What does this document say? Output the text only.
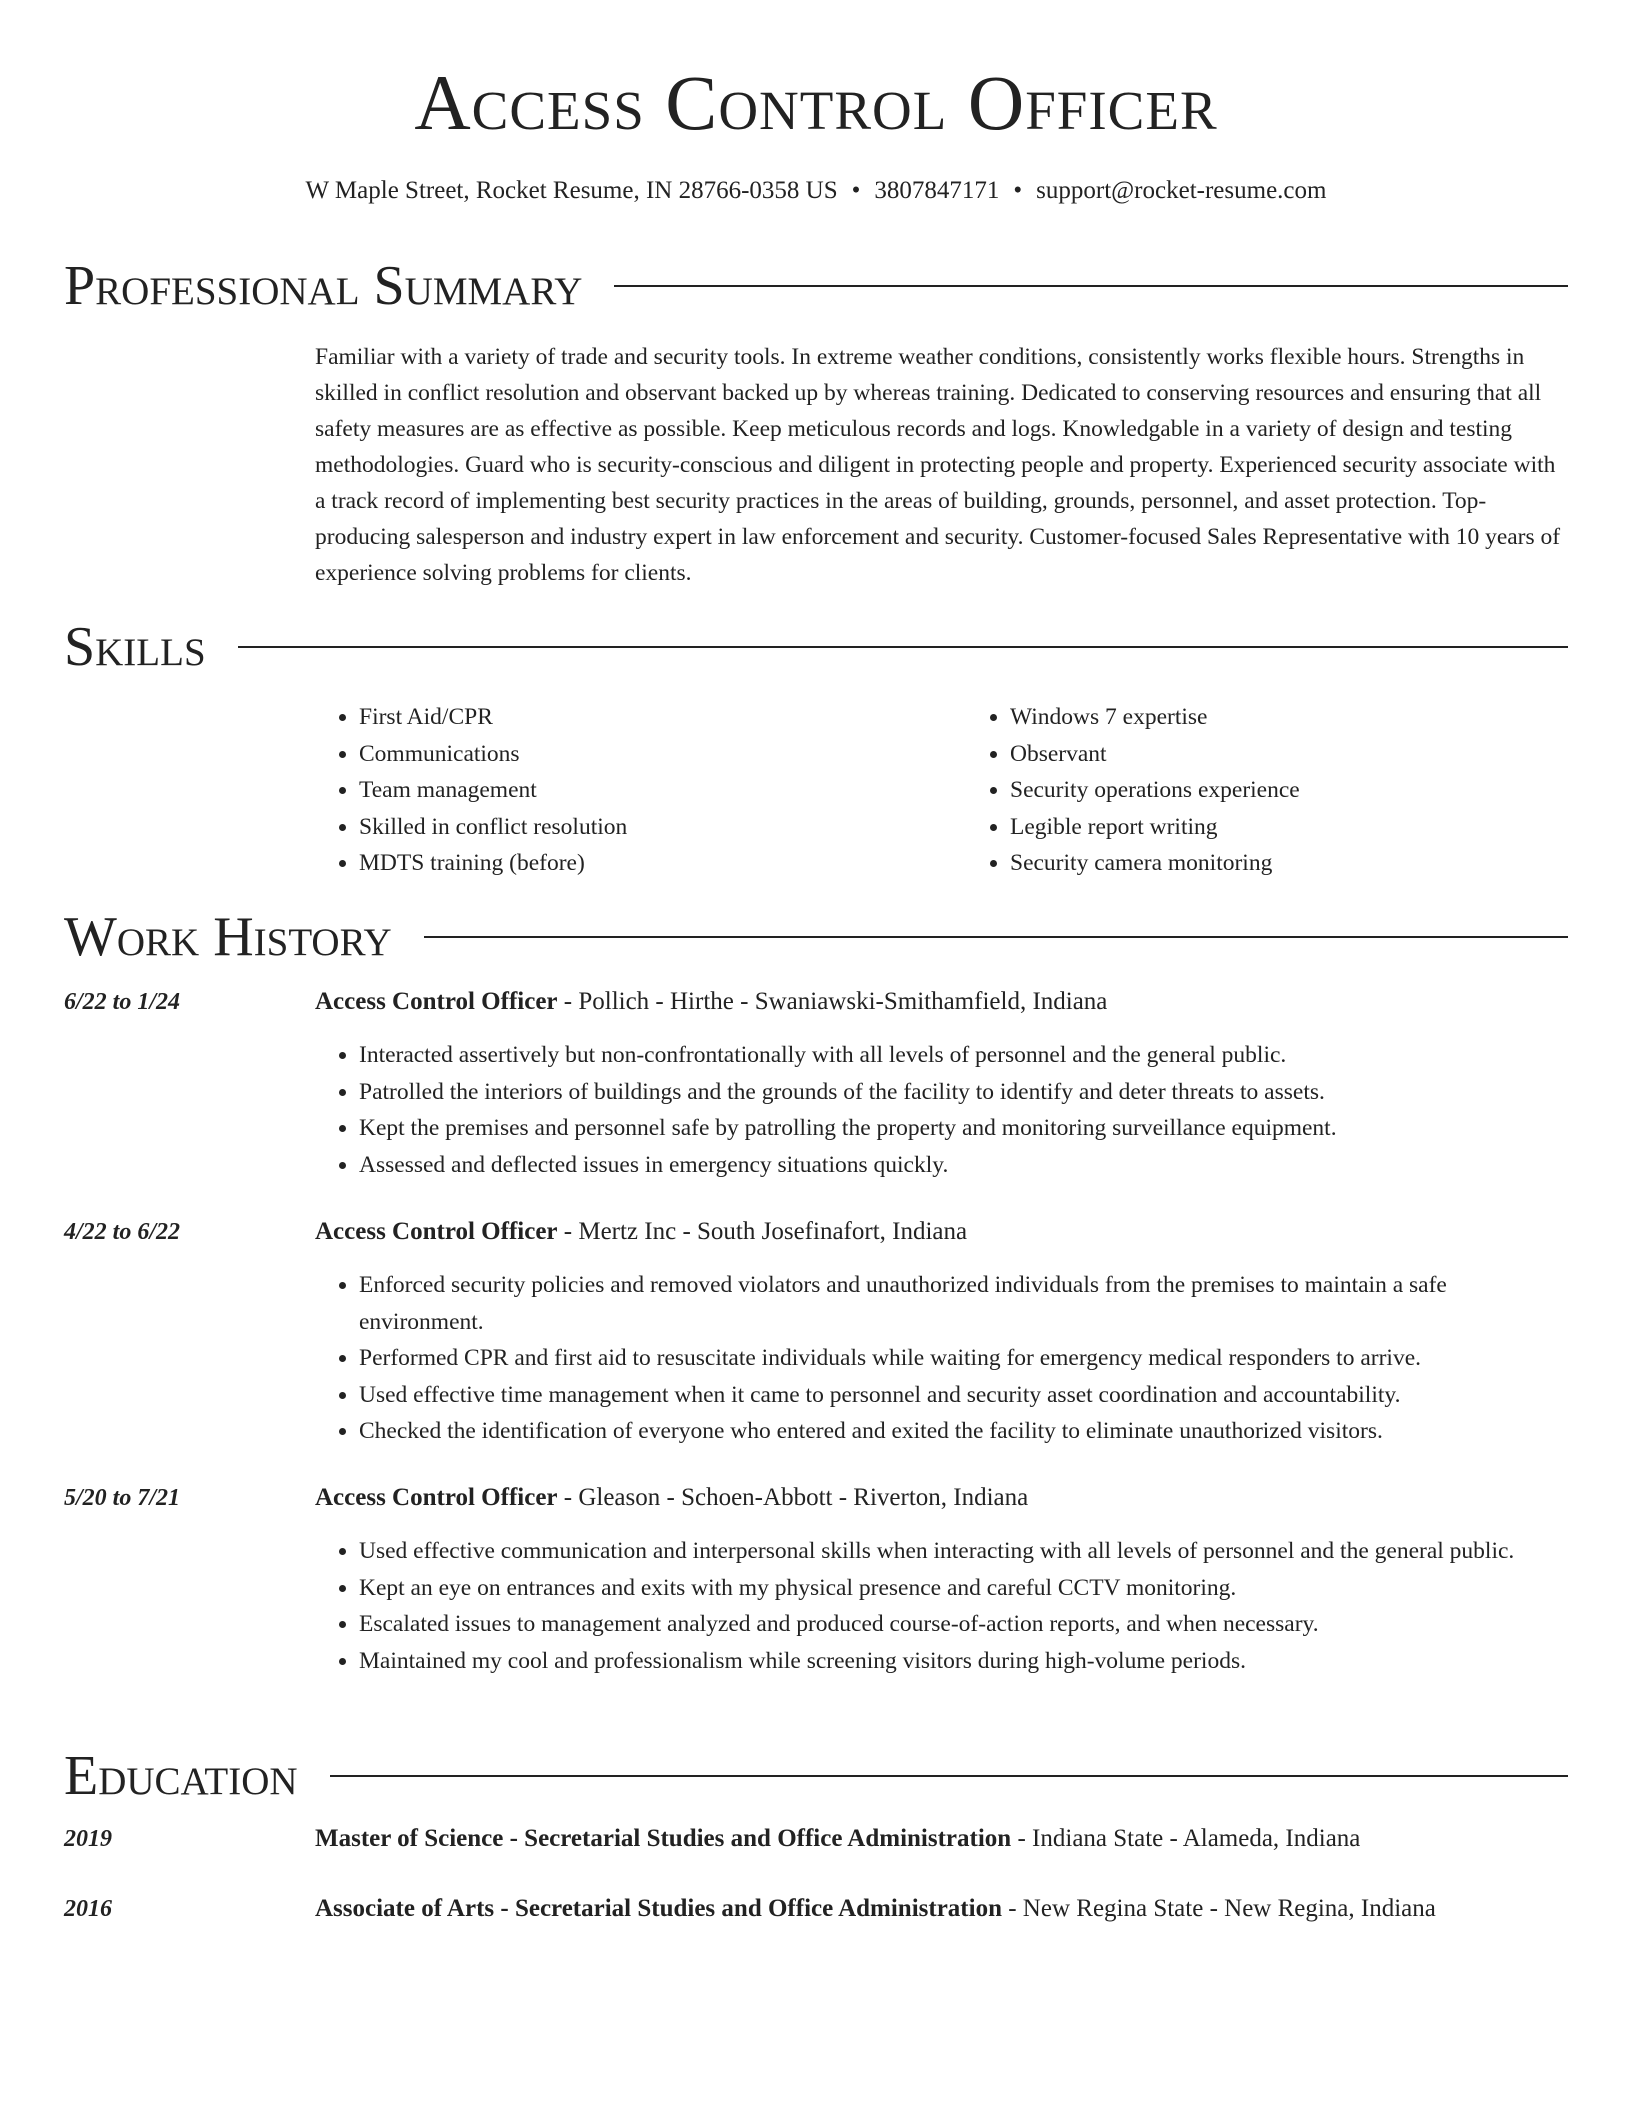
Access Control Officer
W Maple Street, Rocket Resume, IN 28766-0358 US • 3807847171 • support@rocket-resume.com
Professional Summary
Familiar with a variety of trade and security tools. In extreme weather conditions, consistently works flexible hours. Strengths in skilled in conflict resolution and observant backed up by whereas training. Dedicated to conserving resources and ensuring that all safety measures are as effective as possible. Keep meticulous records and logs. Knowledgable in a variety of design and testing methodologies. Guard who is security-conscious and diligent in protecting people and property. Experienced security associate with a track record of implementing best security practices in the areas of building, grounds, personnel, and asset protection. Top-producing salesperson and industry expert in law enforcement and security. Customer-focused Sales Representative with 10 years of experience solving problems for clients.
Skills
• First Aid/CPR
• Communications
• Team management
• Skilled in conflict resolution
• MDTS training (before)
• Windows 7 expertise
• Observant
• Security operations experience
• Legible report writing
• Security camera monitoring
Work History
6/22 to 1/24	Access Control Officer - Pollich - Hirthe - Swaniawski-Smithamfield, Indiana
• Interacted assertively but non-confrontationally with all levels of personnel and the general public.
• Patrolled the interiors of buildings and the grounds of the facility to identify and deter threats to assets.
• Kept the premises and personnel safe by patrolling the property and monitoring surveillance equipment.
• Assessed and deflected issues in emergency situations quickly.
4/22 to 6/22	Access Control Officer - Mertz Inc - South Josefinafort, Indiana
• Enforced security policies and removed violators and unauthorized individuals from the premises to maintain a safe environment.
• Performed CPR and first aid to resuscitate individuals while waiting for emergency medical responders to arrive.
• Used effective time management when it came to personnel and security asset coordination and accountability.
• Checked the identification of everyone who entered and exited the facility to eliminate unauthorized visitors.
5/20 to 7/21	Access Control Officer - Gleason - Schoen-Abbott - Riverton, Indiana
• Used effective communication and interpersonal skills when interacting with all levels of personnel and the general public.
• Kept an eye on entrances and exits with my physical presence and careful CCTV monitoring.
• Escalated issues to management analyzed and produced course-of-action reports, and when necessary.
• Maintained my cool and professionalism while screening visitors during high-volume periods.
Education
2019	Master of Science - Secretarial Studies and Office Administration - Indiana State - Alameda, Indiana
2016	Associate of Arts - Secretarial Studies and Office Administration - New Regina State - New Regina, Indiana
